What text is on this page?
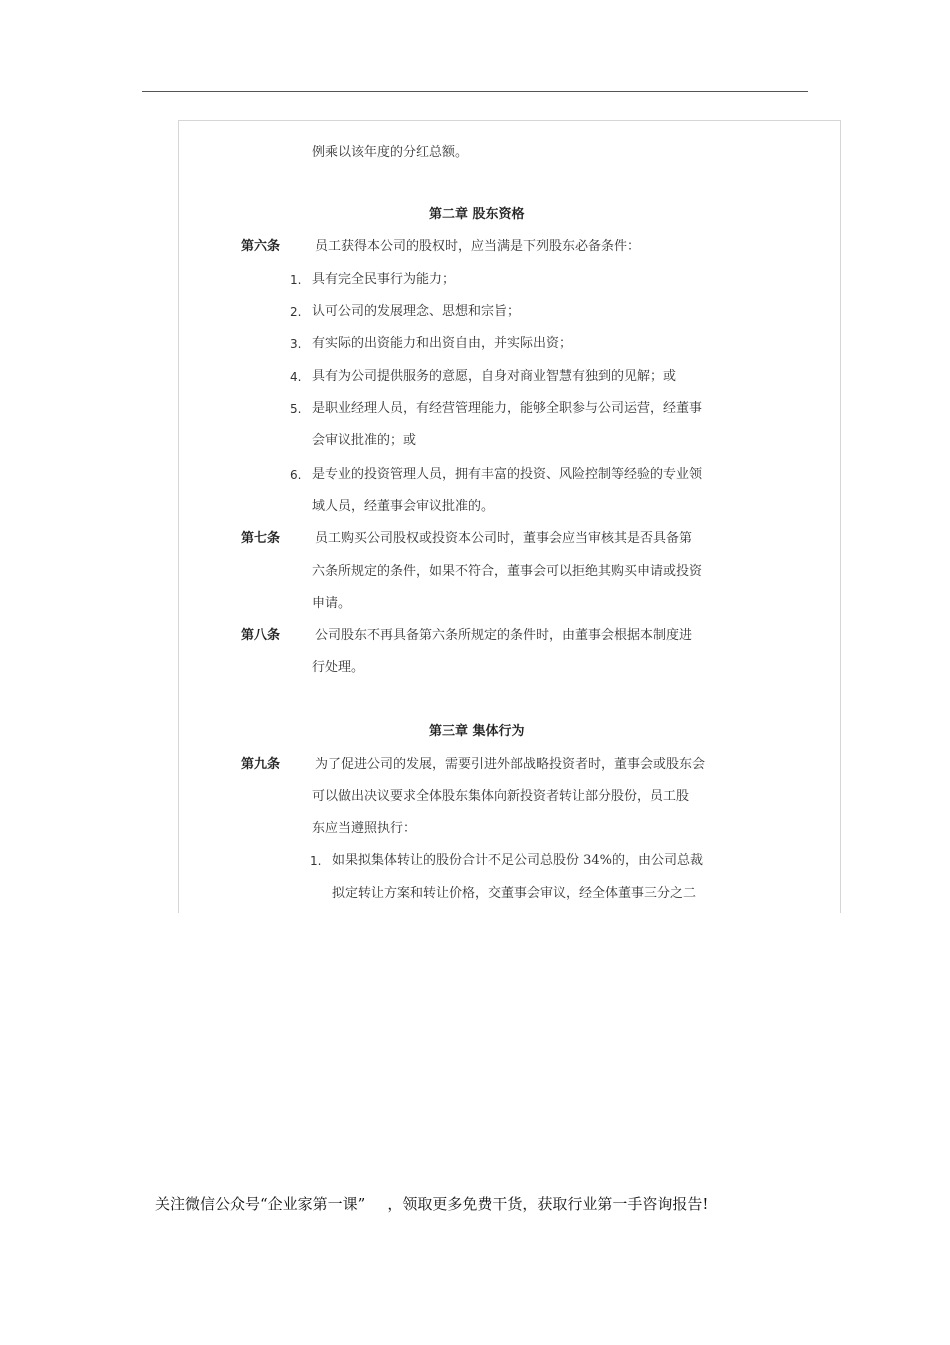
例乘以该年度的分红总额。
第二章 股东资格
第六条	员工获得本公司的股权时，应当满是下列股东必备条件：
1. 具有完全民事行为能力；
2. 认可公司的发展理念、思想和宗旨；
3. 有实际的出资能力和出资自由，并实际出资；
4. 具有为公司提供服务的意愿，自身对商业智慧有独到的见解；或
5. 是职业经理人员，有经营管理能力，能够全职参与公司运营，经董事
会审议批准的；或
6. 是专业的投资管理人员，拥有丰富的投资、风险控制等经验的专业领
域人员，经董事会审议批准的。
第七条	员工购买公司股权或投资本公司时，董事会应当审核其是否具备第
六条所规定的条件，如果不符合，董事会可以拒绝其购买申请或投资
申请。
第八条	公司股东不再具备第六条所规定的条件时，由董事会根据本制度进
行处理。
第三章 集体行为
第九条	为了促进公司的发展，需要引进外部战略投资者时，董事会或股东会
可以做出决议要求全体股东集体向新投资者转让部分股份，员工股
东应当遵照执行：
1. 如果拟集体转让的股份合计不足公司总股份 34%的，由公司总裁
拟定转让方案和转让价格，交董事会审议，经全体董事三分之二
关注微信公众号“企业家第一课” ，领取更多免费干货，获取行业第一手咨询报告!
